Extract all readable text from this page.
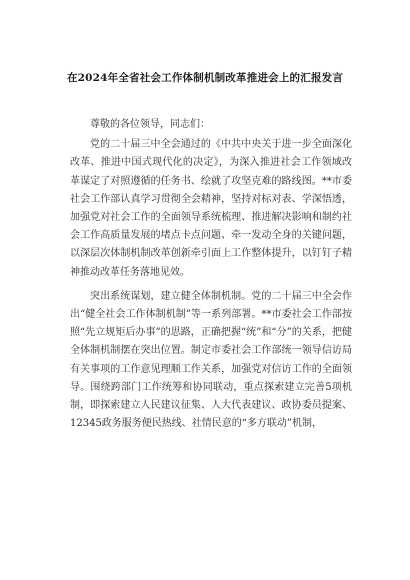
在2024年全省社会工作体制机制改革推进会上的汇报发言

尊敬的各位领导，同志们：

党的二十届三中全会通过的《中共中央关于进一步全面深化改革、推进中国式现代化的决定》，为深入推进社会工作领域改革谋定了对照遵循的任务书、绘就了攻坚克难的路线图。**市委社会工作部认真学习贯彻全会精神，坚持对标对表、学深悟透，加强党对社会工作的全面领导系统梳理、推进解决影响和制约社会工作高质量发展的堵点卡点问题、牵一发动全身的关键问题，以深层次体制机制改革创新牵引面上工作整体提升，以钉钉子精神推动改革任务落地见效。

突出系统谋划，建立健全体制机制。党的二十届三中全会作出“健全社会工作体制机制”等一系列部署。**市委社会工作部按照“先立规矩后办事”的思路，正确把握“统”和“分”的关系，把健全体制机制摆在突出位置。制定市委社会工作部统一领导信访局有关事项的工作意见理顺工作关系，加强党对信访工作的全面领导。围绕跨部门工作统筹和协同联动，重点探索建立完善5项机制，即探索建立人民建议征集、人大代表建议、政协委员提案、12345政务服务便民热线、社情民意的“多方联动”机制，
